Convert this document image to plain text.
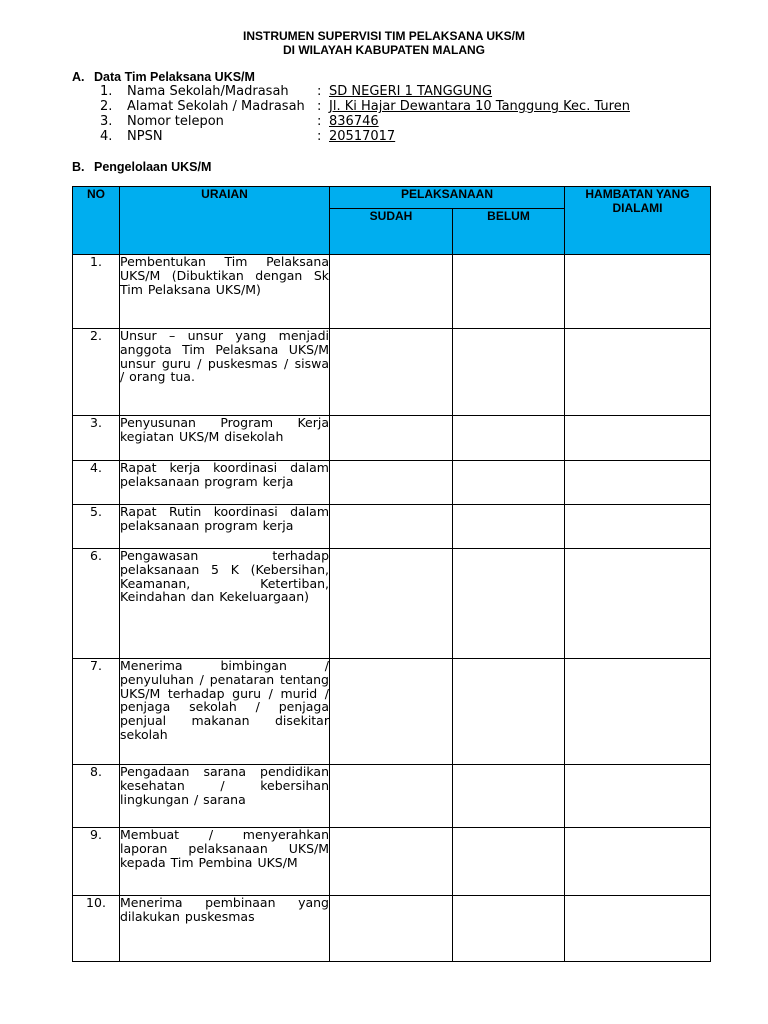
INSTRUMEN SUPERVISI TIM PELAKSANA UKS/M
DI WILAYAH KABUPATEN MALANG
A. Data Tim Pelaksana UKS/M
1. Nama Sekolah/Madrasah : SD NEGERI 1 TANGGUNG
2. Alamat Sekolah / Madrasah : Jl. Ki Hajar Dewantara 10 Tanggung Kec. Turen
3. Nomor telepon	: 836746
4. NPSN	: 20517017
B. Pengelolaan UKS/M
NO	URAIAN	PELAKSANAAN		HAMBATAN YANG DIALAMI
		SUDAH	BELUM	
1.	Pembentukan Tim Pelaksana UKS/M (Dibuktikan dengan Sk Tim Pelaksana UKS/M)			
2.	Unsur – unsur yang menjadi anggota Tim Pelaksana UKS/M unsur guru / puskesmas / siswa / orang tua.			
3.	Penyusunan Program Kerja kegiatan UKS/M disekolah			
4.	Rapat kerja koordinasi dalam pelaksanaan program kerja			
5.	Rapat Rutin koordinasi dalam pelaksanaan program kerja			
6.	Pengawasan terhadap pelaksanaan 5 K (Kebersihan, Keamanan, Ketertiban, Keindahan dan Kekeluargaan)			
7.	Menerima bimbingan / penyuluhan / penataran tentang UKS/M terhadap guru / murid / penjaga sekolah / penjaga penjual makanan disekitar sekolah			
8.	Pengadaan sarana pendidikan kesehatan / kebersihan lingkungan / sarana			
9.	Membuat / menyerahkan laporan pelaksanaan UKS/M kepada Tim Pembina UKS/M			
10.	Menerima pembinaan yang dilakukan puskesmas			
